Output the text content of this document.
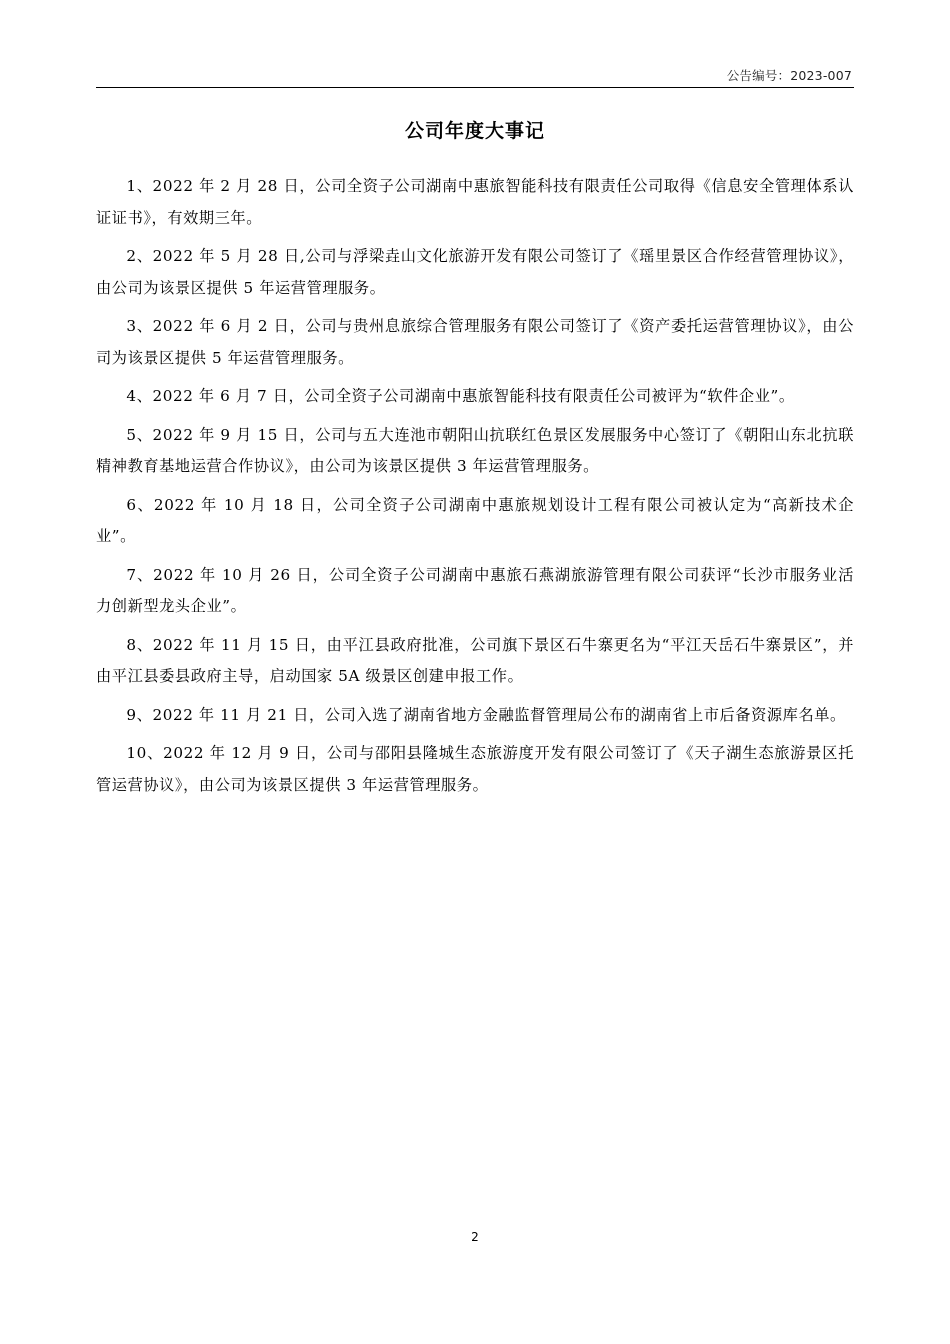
公告编号：2023-007
公司年度大事记

1、2022 年 2 月 28 日，公司全资子公司湖南中惠旅智能科技有限责任公司取得《信息安全管理体系认证证书》，有效期三年。

2、2022 年 5 月 28 日,公司与浮梁垚山文化旅游开发有限公司签订了《瑶里景区合作经营管理协议》，由公司为该景区提供 5 年运营管理服务。

3、2022 年 6 月 2 日，公司与贵州息旅综合管理服务有限公司签订了《资产委托运营管理协议》，由公司为该景区提供 5 年运营管理服务。

4、2022 年 6 月 7 日，公司全资子公司湖南中惠旅智能科技有限责任公司被评为“软件企业”。

5、2022 年 9 月 15 日，公司与五大连池市朝阳山抗联红色景区发展服务中心签订了《朝阳山东北抗联精神教育基地运营合作协议》，由公司为该景区提供 3 年运营管理服务。

6、2022 年 10 月 18 日，公司全资子公司湖南中惠旅规划设计工程有限公司被认定为“高新技术企业”。

7、2022 年 10 月 26 日，公司全资子公司湖南中惠旅石燕湖旅游管理有限公司获评“长沙市服务业活力创新型龙头企业”。

8、2022 年 11 月 15 日，由平江县政府批准，公司旗下景区石牛寨更名为“平江天岳石牛寨景区”，并由平江县委县政府主导，启动国家 5A 级景区创建申报工作。

9、2022 年 11 月 21 日，公司入选了湖南省地方金融监督管理局公布的湖南省上市后备资源库名单。

10、2022 年 12 月 9 日，公司与邵阳县隆城生态旅游度开发有限公司签订了《天子湖生态旅游景区托管运营协议》，由公司为该景区提供 3 年运营管理服务。

2
